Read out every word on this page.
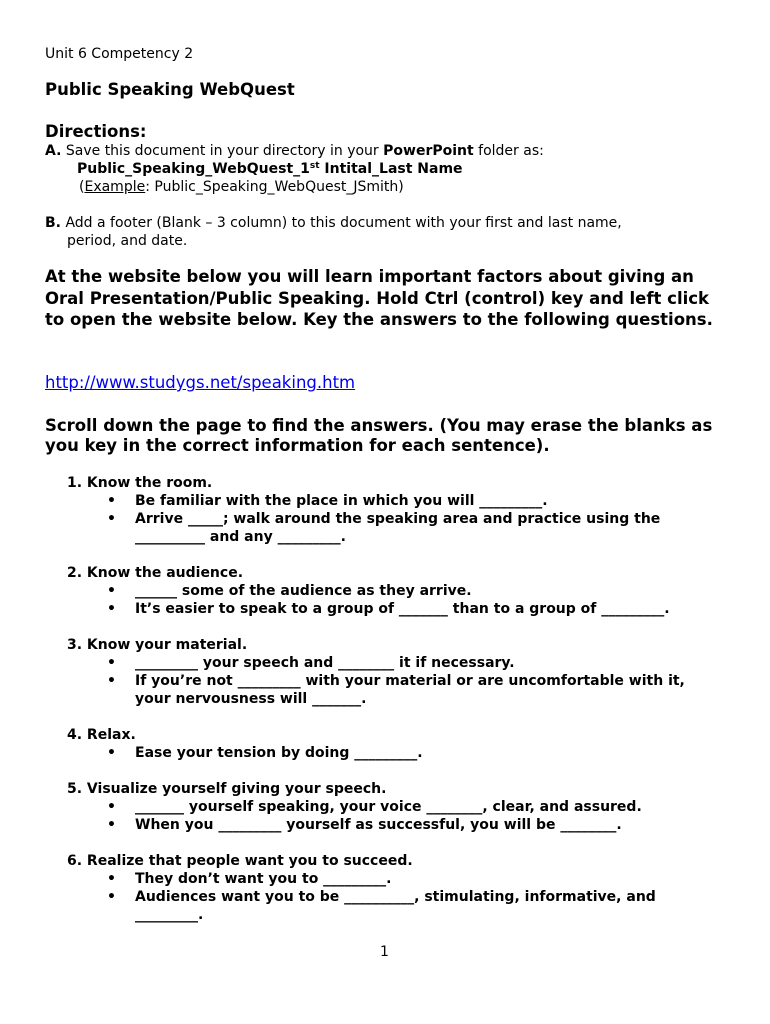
Unit 6 Competency 2
Public Speaking WebQuest
Directions:
A. Save this document in your directory in your PowerPoint folder as:
Public_Speaking_WebQuest_1st Intital_Last Name
(Example: Public_Speaking_WebQuest_JSmith)
B. Add a footer (Blank – 3 column) to this document with your first and last name,
period, and date.
At the website below you will learn important factors about giving an Oral Presentation/Public Speaking. Hold Ctrl (control) key and left click to open the website below. Key the answers to the following questions.
http://www.studygs.net/speaking.htm
Scroll down the page to find the answers. (You may erase the blanks as you key in the correct information for each sentence).
1. Know the room.
• Be familiar with the place in which you will _________.
• Arrive _____; walk around the speaking area and practice using the __________ and any _________.
2. Know the audience.
• ______ some of the audience as they arrive.
• It’s easier to speak to a group of _______ than to a group of _________.
3. Know your material.
• _________ your speech and ________ it if necessary.
• If you’re not _________ with your material or are uncomfortable with it, your nervousness will _______.
4. Relax.
• Ease your tension by doing _________.
5. Visualize yourself giving your speech.
• _______ yourself speaking, your voice ________, clear, and assured.
• When you _________ yourself as successful, you will be ________.
6. Realize that people want you to succeed.
• They don’t want you to _________.
• Audiences want you to be __________, stimulating, informative, and _________.
1
